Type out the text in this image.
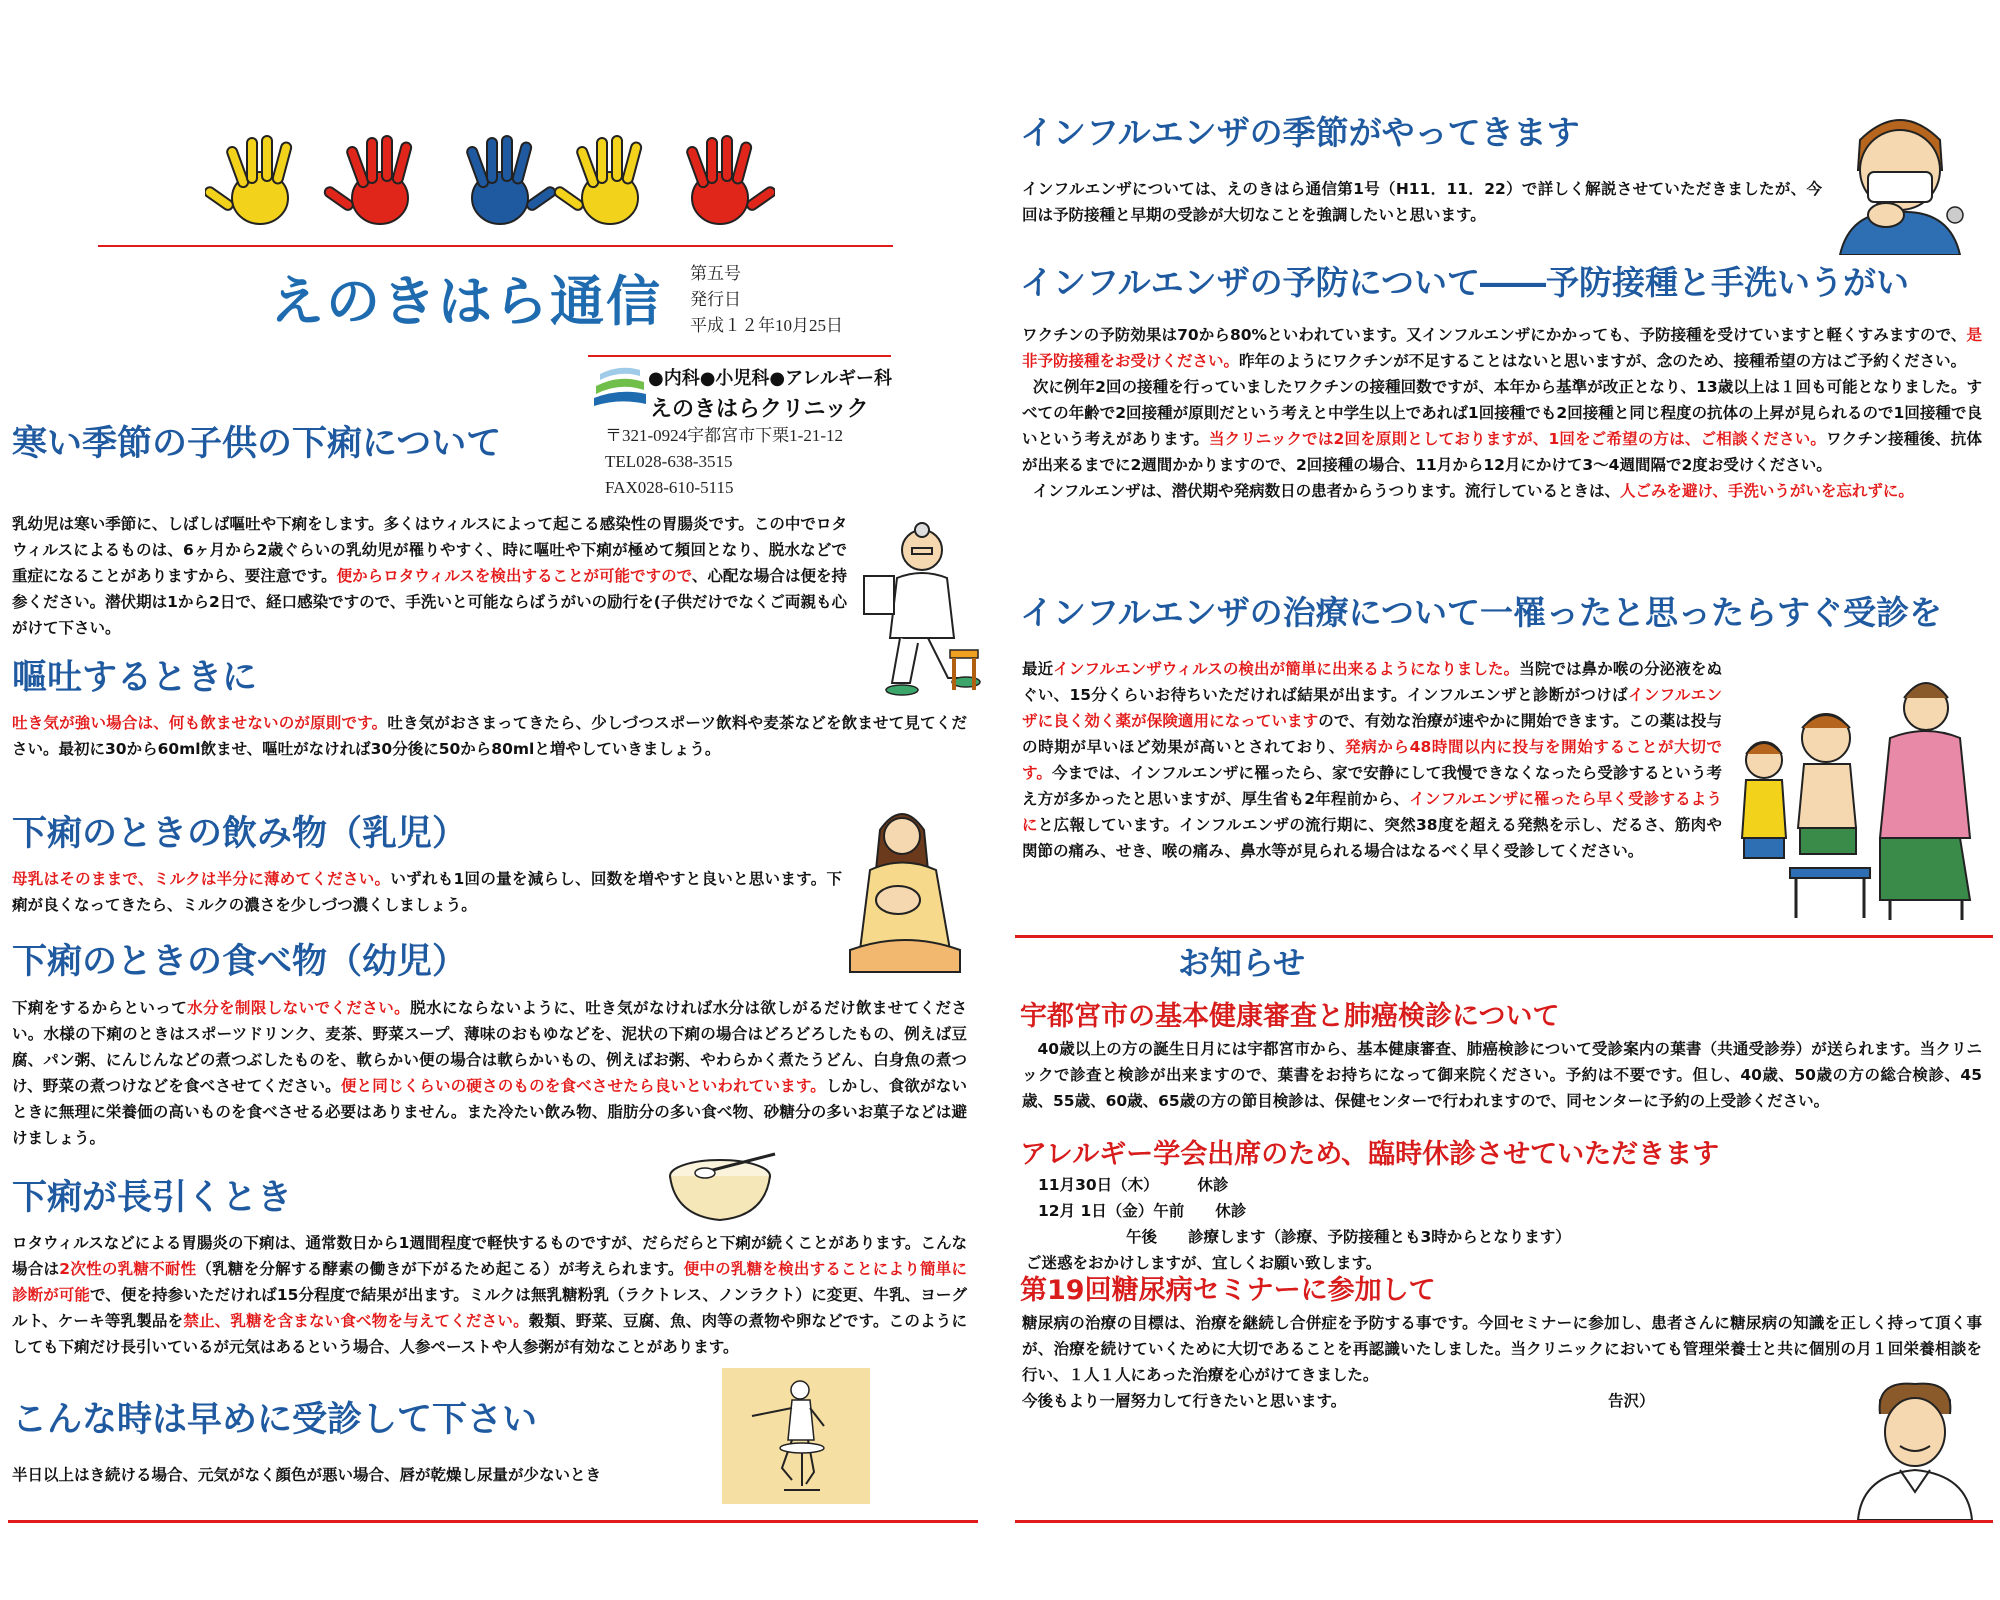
えのきはら通信 第五号
発行日
平成１２年10月25日
●内科●小児科●アレルギー科
えのきはらクリニック
〒321-0924宇都宮市下栗1-21-12
TEL028-638-3515
FAX028-610-5115
寒い季節の子供の下痢について
乳幼児は寒い季節に、しばしば嘔吐や下痢をします。多くはウィルスによって起こる感染性の胃腸炎です。この中でロタウィルスによるものは、6ヶ月から2歳ぐらいの乳幼児が罹りやすく、時に嘔吐や下痢が極めて頻回となり、脱水などで重症になることがありますから、要注意です。便からロタウィルスを検出することが可能ですので、心配な場合は便を持参ください。潜伏期は1から2日で、経口感染ですので、手洗いと可能ならばうがいの励行を(子供だけでなくご両親も心がけて下さい。
嘔吐するときに
吐き気が強い場合は、何も飲ませないのが原則です。吐き気がおさまってきたら、少しづつスポーツ飲料や麦茶などを飲ませて見てください。最初に30から60ml飲ませ、嘔吐がなければ30分後に50から80mlと増やしていきましょう。
下痢のときの飲み物（乳児）
母乳はそのままで、ミルクは半分に薄めてください。いずれも1回の量を減らし、回数を増やすと良いと思います。下痢が良くなってきたら、ミルクの濃さを少しづつ濃くしましょう。
下痢のときの食べ物（幼児）
下痢をするからといって水分を制限しないでください。脱水にならないように、吐き気がなければ水分は欲しがるだけ飲ませてください。水様の下痢のときはスポーツドリンク、麦茶、野菜スープ、薄味のおもゆなどを、泥状の下痢の場合はどろどろしたもの、例えば豆腐、パン粥、にんじんなどの煮つぶしたものを、軟らかい便の場合は軟らかいもの、例えばお粥、やわらかく煮たうどん、白身魚の煮つけ、野菜の煮つけなどを食べさせてください。便と同じくらいの硬さのものを食べさせたら良いといわれています。しかし、食欲がないときに無理に栄養価の高いものを食べさせる必要はありません。また冷たい飲み物、脂肪分の多い食べ物、砂糖分の多いお菓子などは避けましょう。
下痢が長引くとき
ロタウィルスなどによる胃腸炎の下痢は、通常数日から1週間程度で軽快するものですが、だらだらと下痢が続くことがあります。こんな場合は2次性の乳糖不耐性（乳糖を分解する酵素の働きが下がるため起こる）が考えられます。便中の乳糖を検出することにより簡単に診断が可能で、便を持参いただければ15分程度で結果が出ます。ミルクは無乳糖粉乳（ラクトレス、ノンラクト）に変更、牛乳、ヨーグルト、ケーキ等乳製品を禁止、乳糖を含まない食べ物を与えてください。穀類、野菜、豆腐、魚、肉等の煮物や卵などです。このようにしても下痢だけ長引いているが元気はあるという場合、人参ペーストや人参粥が有効なことがあります。
こんな時は早めに受診して下さい
半日以上はき続ける場合、元気がなく顔色が悪い場合、唇が乾燥し尿量が少ないとき
インフルエンザの季節がやってきます
インフルエンザについては、えのきはら通信第1号（H11．11．22）で詳しく解説させていただきましたが、今回は予防接種と早期の受診が大切なことを強調したいと思います。
インフルエンザの予防について――予防接種と手洗いうがい
ワクチンの予防効果は70から80%といわれています。又インフルエンザにかかっても、予防接種を受けていますと軽くすみますので、是非予防接種をお受けください。昨年のようにワクチンが不足することはないと思いますが、念のため、接種希望の方はご予約ください。
次に例年2回の接種を行っていましたワクチンの接種回数ですが、本年から基準が改正となり、13歳以上は１回も可能となりました。すべての年齢で2回接種が原則だという考えと中学生以上であれば1回接種でも2回接種と同じ程度の抗体の上昇が見られるので1回接種で良いという考えがあります。当クリニックでは2回を原則としておりますが、1回をご希望の方は、ご相談ください。ワクチン接種後、抗体が出来るまでに2週間かかりますので、2回接種の場合、11月から12月にかけて3～4週間隔で2度お受けください。
インフルエンザは、潜伏期や発病数日の患者からうつります。流行しているときは、人ごみを避け、手洗いうがいを忘れずに。
インフルエンザの治療について一罹ったと思ったらすぐ受診を
最近インフルエンザウィルスの検出が簡単に出来るようになりました。当院では鼻か喉の分泌液をぬぐい、15分くらいお待ちいただければ結果が出ます。インフルエンザと診断がつけばインフルエンザに良く効く薬が保険適用になっていますので、有効な治療が速やかに開始できます。この薬は投与の時期が早いほど効果が高いとされており、発病から48時間以内に投与を開始することが大切です。今までは、インフルエンザに罹ったら、家で安静にして我慢できなくなったら受診するという考え方が多かったと思いますが、厚生省も2年程前から、インフルエンザに罹ったら早く受診するようにと広報しています。インフルエンザの流行期に、突然38度を超える発熱を示し、だるさ、筋肉や関節の痛み、せき、喉の痛み、鼻水等が見られる場合はなるべく早く受診してください。
お知らせ
宇都宮市の基本健康審査と肺癌検診について
40歳以上の方の誕生日月には宇都宮市から、基本健康審査、肺癌検診について受診案内の葉書（共通受診券）が送られます。当クリニックで診査と検診が出来ますので、葉書をお持ちになって御来院ください。予約は不要です。但し、40歳、50歳の方の総合検診、45歳、55歳、60歳、65歳の方の節目検診は、保健センターで行われますので、同センターに予約の上受診ください。
アレルギー学会出席のため、臨時休診させていただきます
11月30日（木）　　　休診
12月 1日（金）午前　　休診
午後　　診療します（診療、予防接種とも3時からとなります）
ご迷惑をおかけしますが、宜しくお願い致します。
第19回糖尿病セミナーに参加して
糖尿病の治療の目標は、治療を継続し合併症を予防する事です。今回セミナーに参加し、患者さんに糖尿病の知識を正しく持って頂く事が、治療を続けていくために大切であることを再認識いたしました。当クリニックにおいても管理栄養士と共に個別の月１回栄養相談を行い、１人１人にあった治療を心がけてきました。
今後もより一層努力して行きたいと思います。	告沢）
